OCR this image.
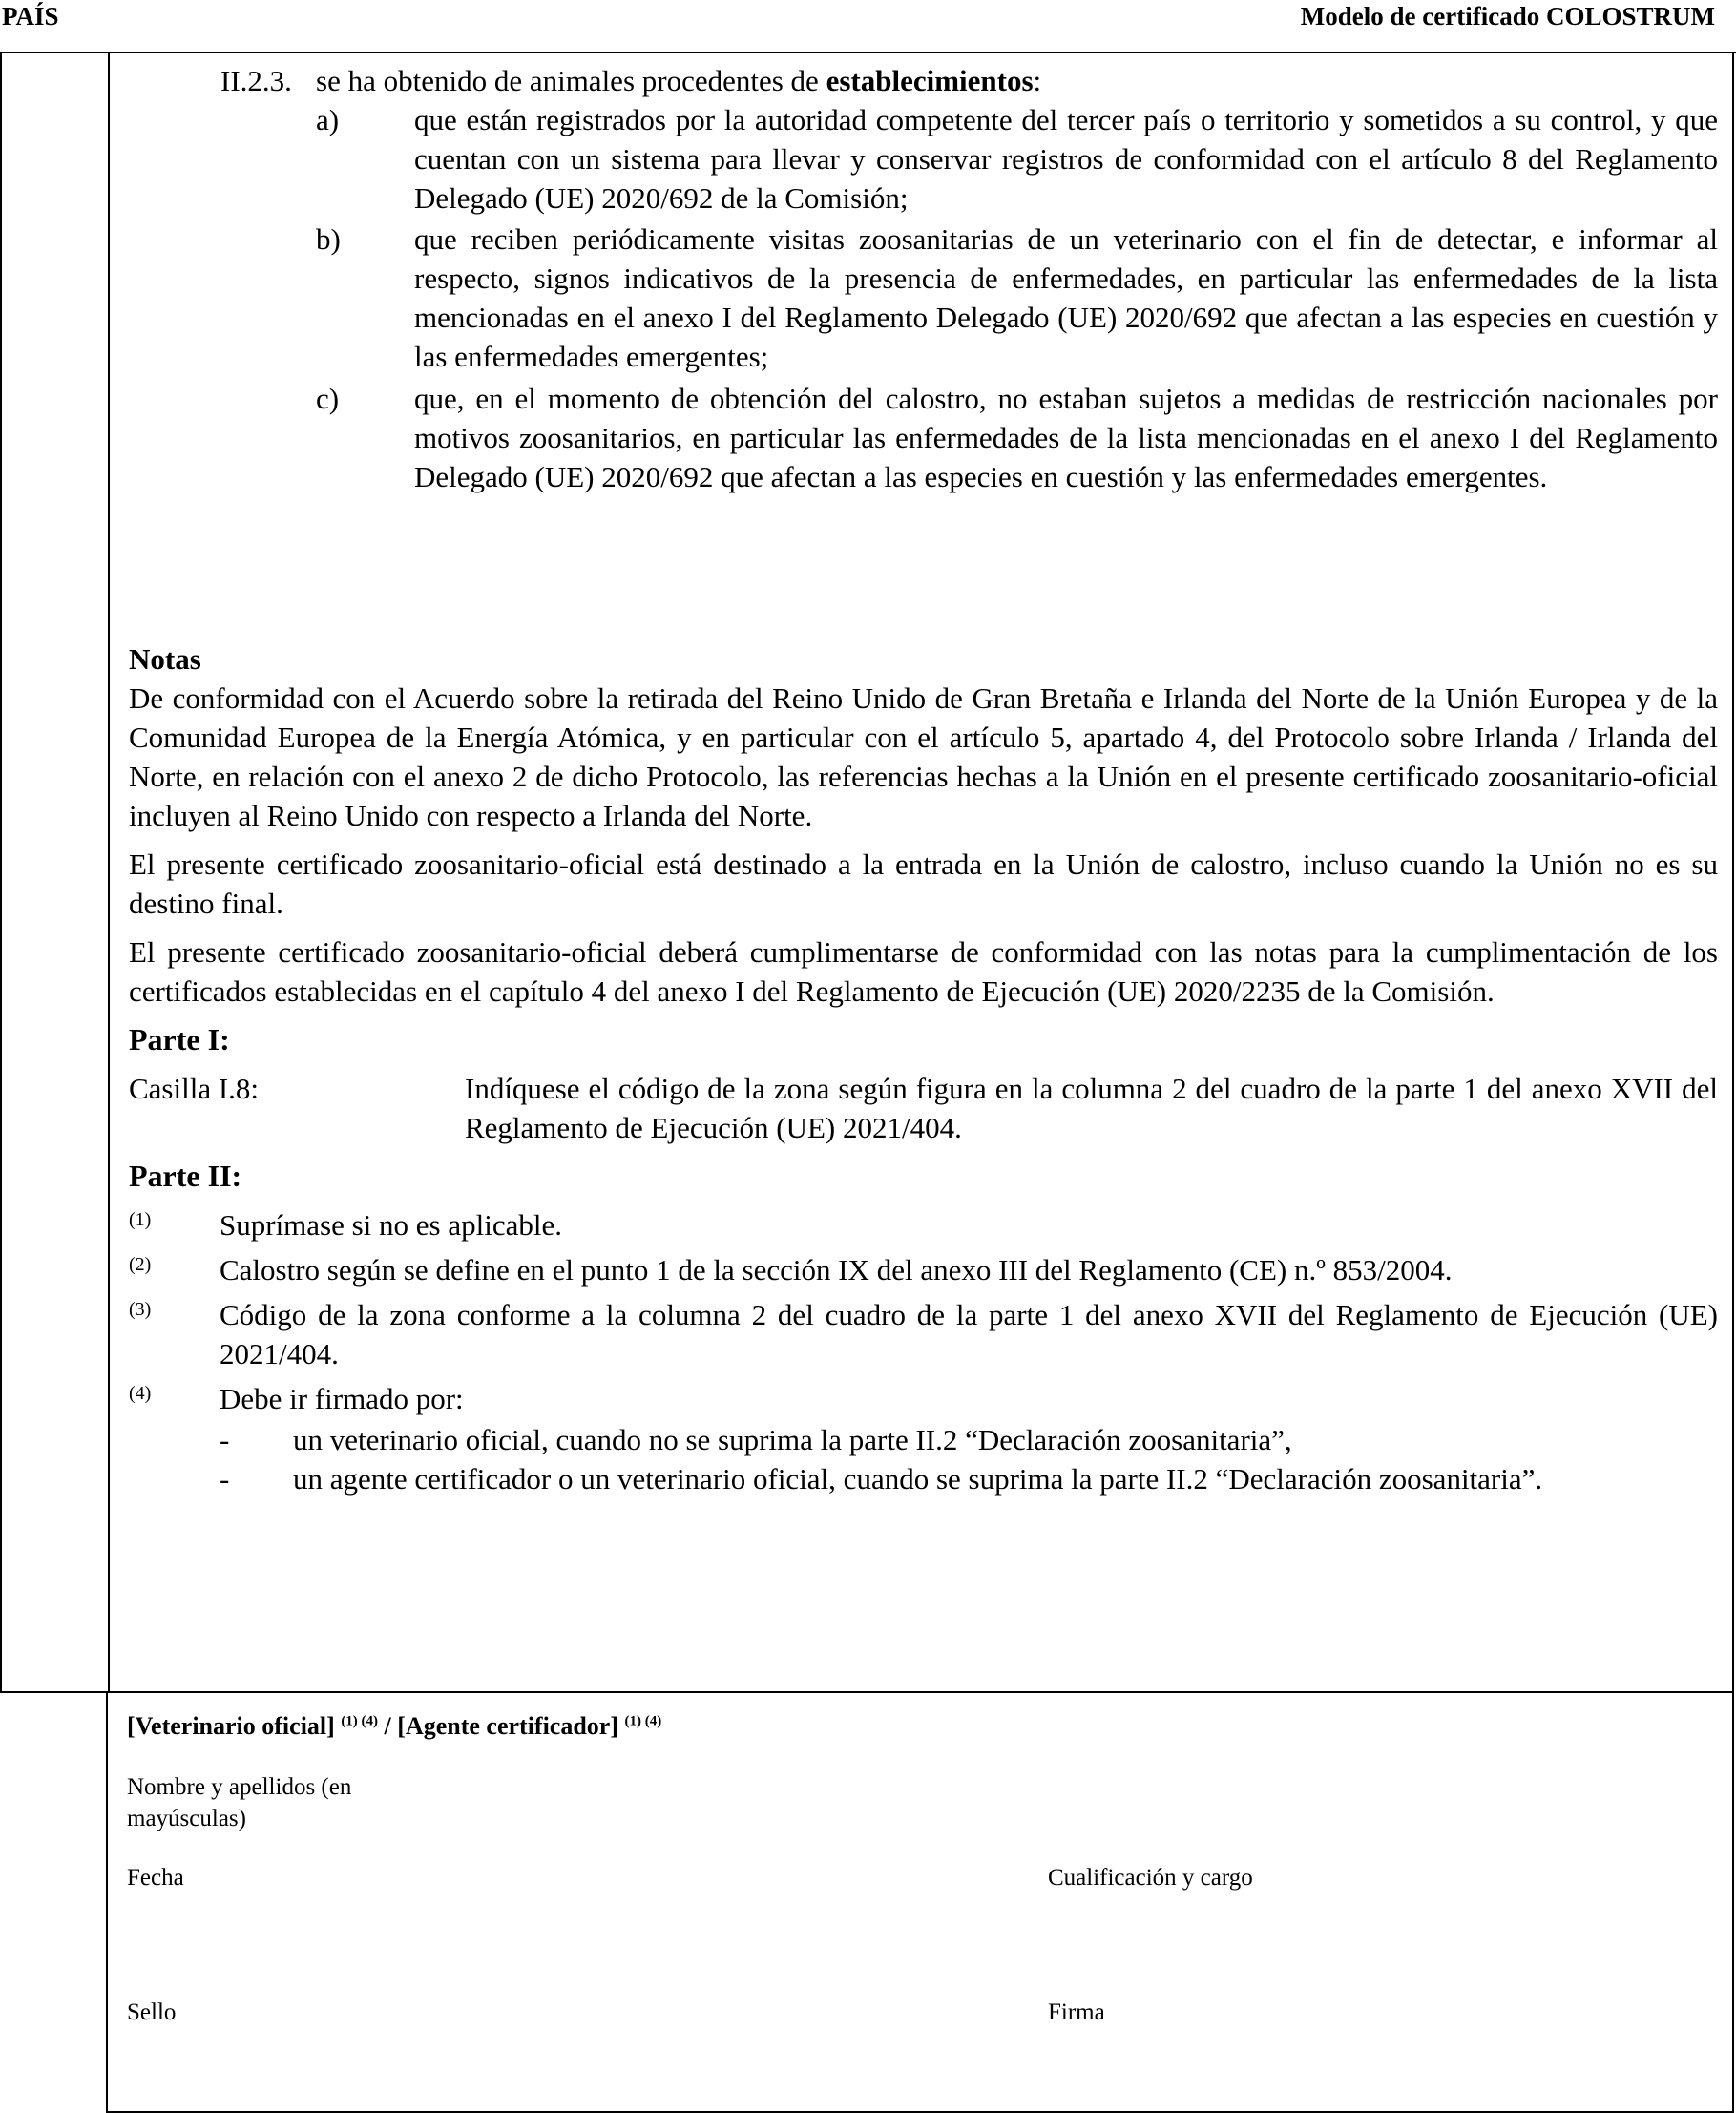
PAÍS	Modelo de certificado COLOSTRUM
II.2.3. se ha obtenido de animales procedentes de establecimientos:
a)	que están registrados por la autoridad competente del tercer país o territorio y sometidos a su control, y que cuentan con un sistema para llevar y conservar registros de conformidad con el artículo 8 del Reglamento Delegado (UE) 2020/692 de la Comisión;
b)	que reciben periódicamente visitas zoosanitarias de un veterinario con el fin de detectar, e informar al respecto, signos indicativos de la presencia de enfermedades, en particular las enfermedades de la lista mencionadas en el anexo I del Reglamento Delegado (UE) 2020/692 que afectan a las especies en cuestión y las enfermedades emergentes;
c)	que, en el momento de obtención del calostro, no estaban sujetos a medidas de restricción nacionales por motivos zoosanitarios, en particular las enfermedades de la lista mencionadas en el anexo I del Reglamento Delegado (UE) 2020/692 que afectan a las especies en cuestión y las enfermedades emergentes.
Notas

De conformidad con el Acuerdo sobre la retirada del Reino Unido de Gran Bretaña e Irlanda del Norte de la Unión Europea y de la Comunidad Europea de la Energía Atómica, y en particular con el artículo 5, apartado 4, del Protocolo sobre Irlanda / Irlanda del Norte, en relación con el anexo 2 de dicho Protocolo, las referencias hechas a la Unión en el presente certificado zoosanitario-oficial incluyen al Reino Unido con respecto a Irlanda del Norte.

El presente certificado zoosanitario-oficial está destinado a la entrada en la Unión de calostro, incluso cuando la Unión no es su destino final.

El presente certificado zoosanitario-oficial deberá cumplimentarse de conformidad con las notas para la cumplimentación de los certificados establecidas en el capítulo 4 del anexo I del Reglamento de Ejecución (UE) 2020/2235 de la Comisión.

Parte I:
Casilla I.8:	Indíquese el código de la zona según figura en la columna 2 del cuadro de la parte 1 del anexo XVII del Reglamento de Ejecución (UE) 2021/404.
Parte II:
(1)	Suprímase si no es aplicable.
(2)	Calostro según se define en el punto 1 de la sección IX del anexo III del Reglamento (CE) n.º 853/2004.
(3)	Código de la zona conforme a la columna 2 del cuadro de la parte 1 del anexo XVII del Reglamento de Ejecución (UE) 2021/404.
(4)	Debe ir firmado por:
-	un veterinario oficial, cuando no se suprima la parte II.2 “Declaración zoosanitaria”,
-	un agente certificador o un veterinario oficial, cuando se suprima la parte II.2 “Declaración zoosanitaria”.
[Veterinario oficial] $^{(1) (4)}$ / [Agente certificador] $^{(1) (4)}$
Nombre y apellidos (en mayúsculas)
Fecha	Cualificación y cargo
Sello	Firma
